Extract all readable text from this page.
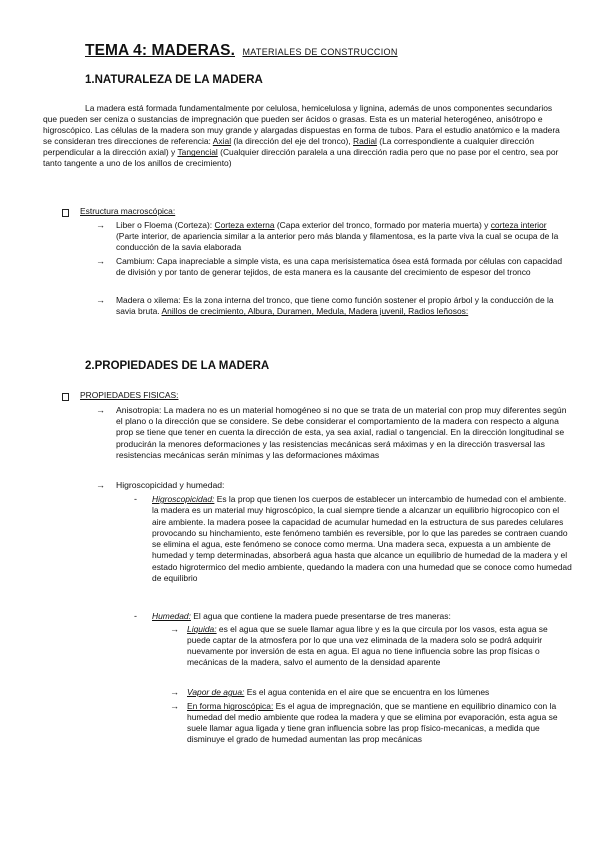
TEMA 4: MADERAS. MATERIALES DE CONSTRUCCION
1.NATURALEZA DE LA MADERA
La madera está formada fundamentalmente por celulosa, hemicelulosa y lignina, además de unos componentes secundarios que pueden ser ceniza o sustancias de impregnación que pueden ser ácidos o grasas. Esta es un material heterogéneo, anisótropo e higroscópico. Las células de la madera son muy grande y alargadas dispuestas en forma de tubos. Para el estudio anatómico e la madera se consideran tres direcciones de referencia: Axial (la dirección del eje del tronco), Radial (La correspondiente a cualquier dirección perpendicular a la dirección axial) y Tangencial (Cualquier dirección paralela a una dirección radia pero que no pase por el centro, sea por tanto tangente a uno de los anillos de crecimiento)
Estructura macroscópica:
→ Liber o Floema (Corteza): Corteza externa (Capa exterior del tronco, formado por materia muerta) y corteza interior (Parte interior, de apariencia similar a la anterior pero más blanda y filamentosa, es la parte viva la cual se ocupa de la conducción de la savia elaborada
→ Cambium: Capa inapreciable a simple vista, es una capa merisistematica ósea está formada por células con capacidad de división y por tanto de generar tejidos, de esta manera es la causante del crecimiento de espesor del tronco
→ Madera o xilema: Es la zona interna del tronco, que tiene como función sostener el propio árbol y la conducción de la savia bruta. Anillos de crecimiento, Albura, Duramen, Medula, Madera juvenil, Radios leñosos:
2.PROPIEDADES DE LA MADERA
PROPIEDADES FISICAS:
→ Anisotropia: La madera no es un material homogéneo si no que se trata de un material con prop muy diferentes según el plano o la dirección que se considere. Se debe considerar el comportamiento de la madera con respecto a alguna prop se tiene que tener en cuenta la dirección de esta, ya sea axial, radial o tangencial. En la dirección longitudinal se producirán la menores deformaciones y las resistencias mecánicas será máximas y en la dirección trasversal las resistencias mecánicas serán mínimas y las deformaciones máximas
→ Higroscopicidad y humedad:
- Higroscopicidad: Es la prop que tienen los cuerpos de establecer un intercambio de humedad con el ambiente. la madera es un material muy higroscópico, la cual siempre tiende a alcanzar un equilibrio higrocopico con el aire ambiente. la madera posee la capacidad de acumular humedad en la estructura de sus paredes celulares provocando su hinchamiento, este fenómeno también es reversible, por lo que las paredes se contraen cuando se elimina el agua, este fenómeno se conoce como merma. Una madera seca, expuesta a un ambiente de humedad y temp determinadas, absorberá agua hasta que alcance un equilibrio de humedad de la madera y el estado higrotermico del medio ambiente, quedando la madera con una humedad que se conoce como humedad de equilibrio
- Humedad: El agua que contiene la madera puede presentarse de tres maneras:
→ Liquida: es el agua que se suele llamar agua libre y es la que circula por los vasos, esta agua se puede captar de la atmosfera por lo que una vez eliminada de la madera solo se podrá adquirir nuevamente por inversión de esta en agua. El agua no tiene influencia sobre las prop físicas o mecánicas de la madera, salvo el aumento de la densidad aparente
→ Vapor de agua: Es el agua contenida en el aire que se encuentra en los lúmenes
→ En forma higroscópica: Es el agua de impregnación, que se mantiene en equilibrio dinamico con la humedad del medio ambiente que rodea la madera y que se elimina por evaporación, esta agua se suele llamar agua ligada y tiene gran influencia sobre las prop físico-mecanicas, a medida que disminuye el grado de humedad aumentan las prop mecánicas
